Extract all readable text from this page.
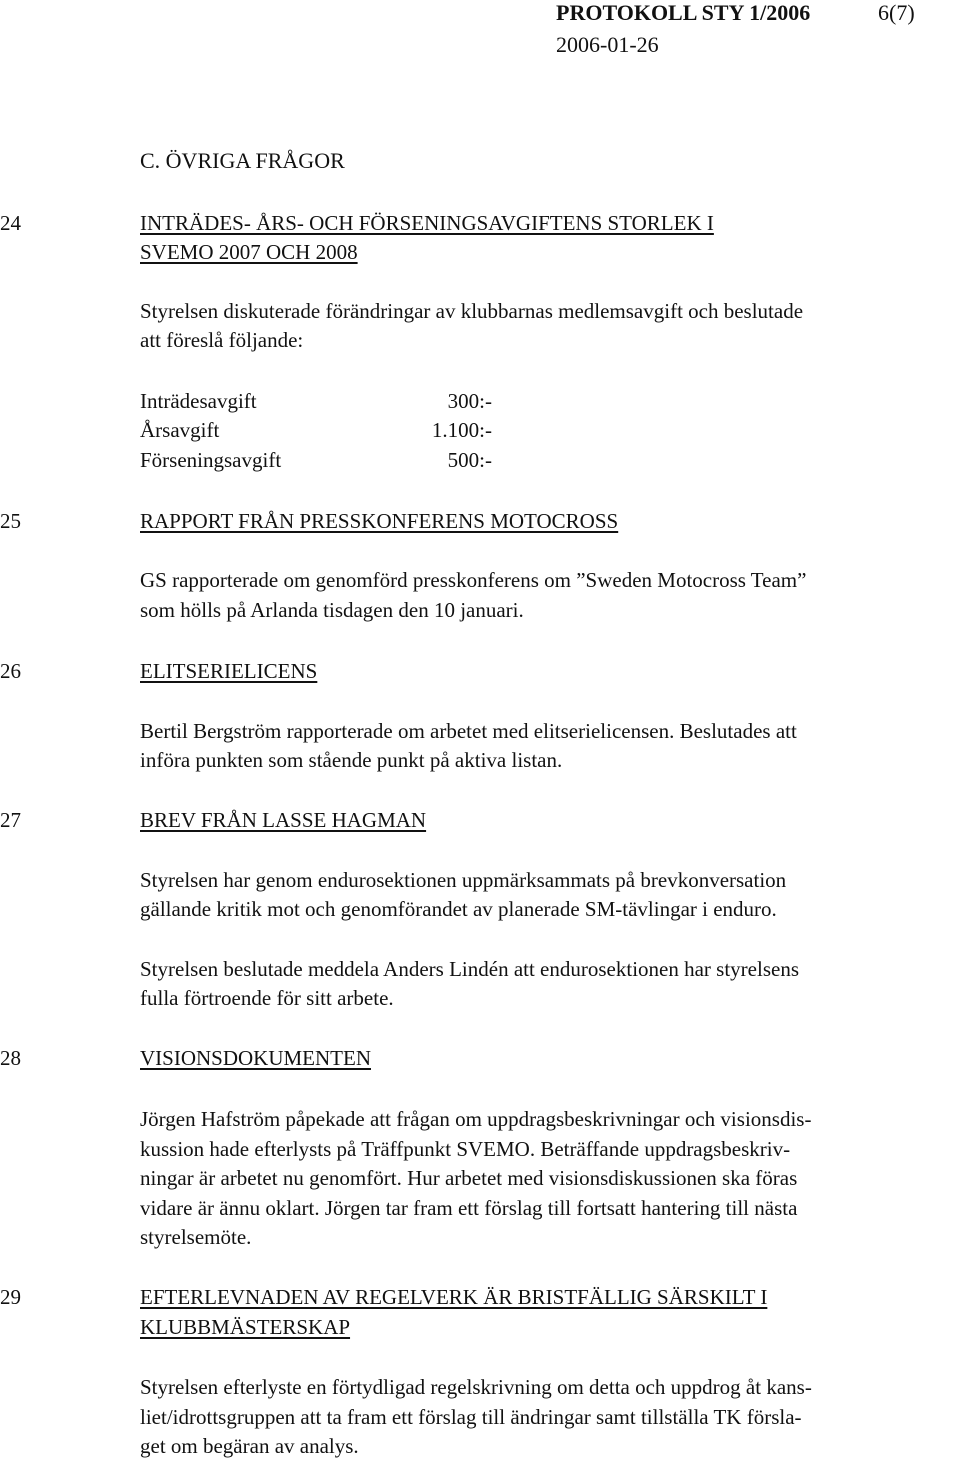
PROTOKOLL STY 1/2006	6(7)
2006-01-26
C. ÖVRIGA FRÅGOR
24	INTRÄDES- ÅRS- OCH FÖRSENINGSAVGIFTENS STORLEK I
SVEMO 2007 OCH 2008
Styrelsen diskuterade förändringar av klubbarnas medlemsavgift och beslutade
att föreslå följande:
Inträdesavgift	300:-
Årsavgift	1.100:-
Förseningsavgift	500:-
25	RAPPORT FRÅN PRESSKONFERENS MOTOCROSS
GS rapporterade om genomförd presskonferens om ”Sweden Motocross Team”
som hölls på Arlanda tisdagen den 10 januari.
26	ELITSERIELICENS
Bertil Bergström rapporterade om arbetet med elitserielicensen. Beslutades att
införa punkten som stående punkt på aktiva listan.
27	BREV FRÅN LASSE HAGMAN
Styrelsen har genom endurosektionen uppmärksammats på brevkonversation
gällande kritik mot och genomförandet av planerade SM-tävlingar i enduro.
Styrelsen beslutade meddela Anders Lindén att endurosektionen har styrelsens
fulla förtroende för sitt arbete.
28	VISIONSDOKUMENTEN
Jörgen Hafström påpekade att frågan om uppdragsbeskrivningar och visionsdis-
kussion hade efterlysts på Träffpunkt SVEMO. Beträffande uppdragsbeskriv-
ningar är arbetet nu genomfört. Hur arbetet med visionsdiskussionen ska föras
vidare är ännu oklart. Jörgen tar fram ett förslag till fortsatt hantering till nästa
styrelsemöte.
29	EFTERLEVNADEN AV REGELVERK ÄR BRISTFÄLLIG SÄRSKILT I
KLUBBMÄSTERSKAP
Styrelsen efterlyste en förtydligad regelskrivning om detta och uppdrog åt kans-
liet/idrottsgruppen att ta fram ett förslag till ändringar samt tillställa TK försla-
get om begäran av analys.
